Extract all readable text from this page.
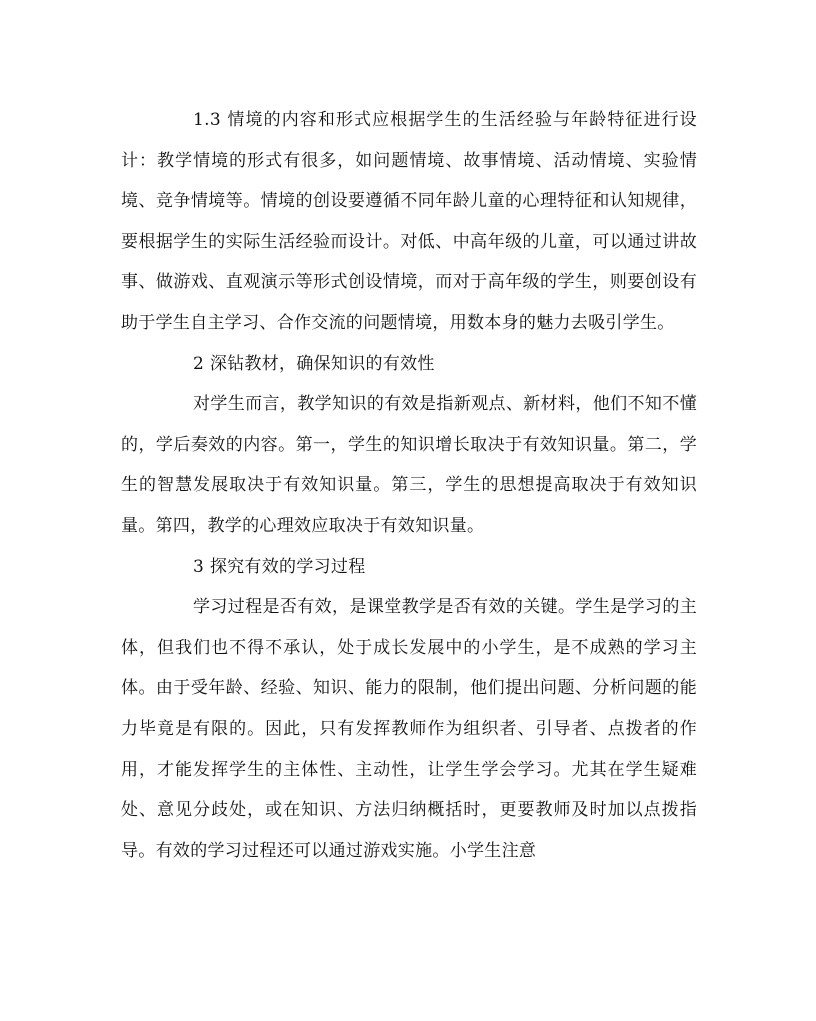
1.3 情境的内容和形式应根据学生的生活经验与年龄特征进行设计：教学情境的形式有很多，如问题情境、故事情境、活动情境、实验情境、竞争情境等。情境的创设要遵循不同年龄儿童的心理特征和认知规律，要根据学生的实际生活经验而设计。对低、中高年级的儿童，可以通过讲故事、做游戏、直观演示等形式创设情境，而对于高年级的学生，则要创设有助于学生自主学习、合作交流的问题情境，用数本身的魅力去吸引学生。

2 深钻教材，确保知识的有效性

对学生而言，教学知识的有效是指新观点、新材料，他们不知不懂的，学后奏效的内容。第一，学生的知识增长取决于有效知识量。第二，学生的智慧发展取决于有效知识量。第三，学生的思想提高取决于有效知识量。第四，教学的心理效应取决于有效知识量。

3 探究有效的学习过程

学习过程是否有效，是课堂教学是否有效的关键。学生是学习的主体，但我们也不得不承认，处于成长发展中的小学生，是不成熟的学习主体。由于受年龄、经验、知识、能力的限制，他们提出问题、分析问题的能力毕竟是有限的。因此，只有发挥教师作为组织者、引导者、点拨者的作用，才能发挥学生的主体性、主动性，让学生学会学习。尤其在学生疑难处、意见分歧处，或在知识、方法归纳概括时，更要教师及时加以点拨指导。有效的学习过程还可以通过游戏实施。小学生注意
